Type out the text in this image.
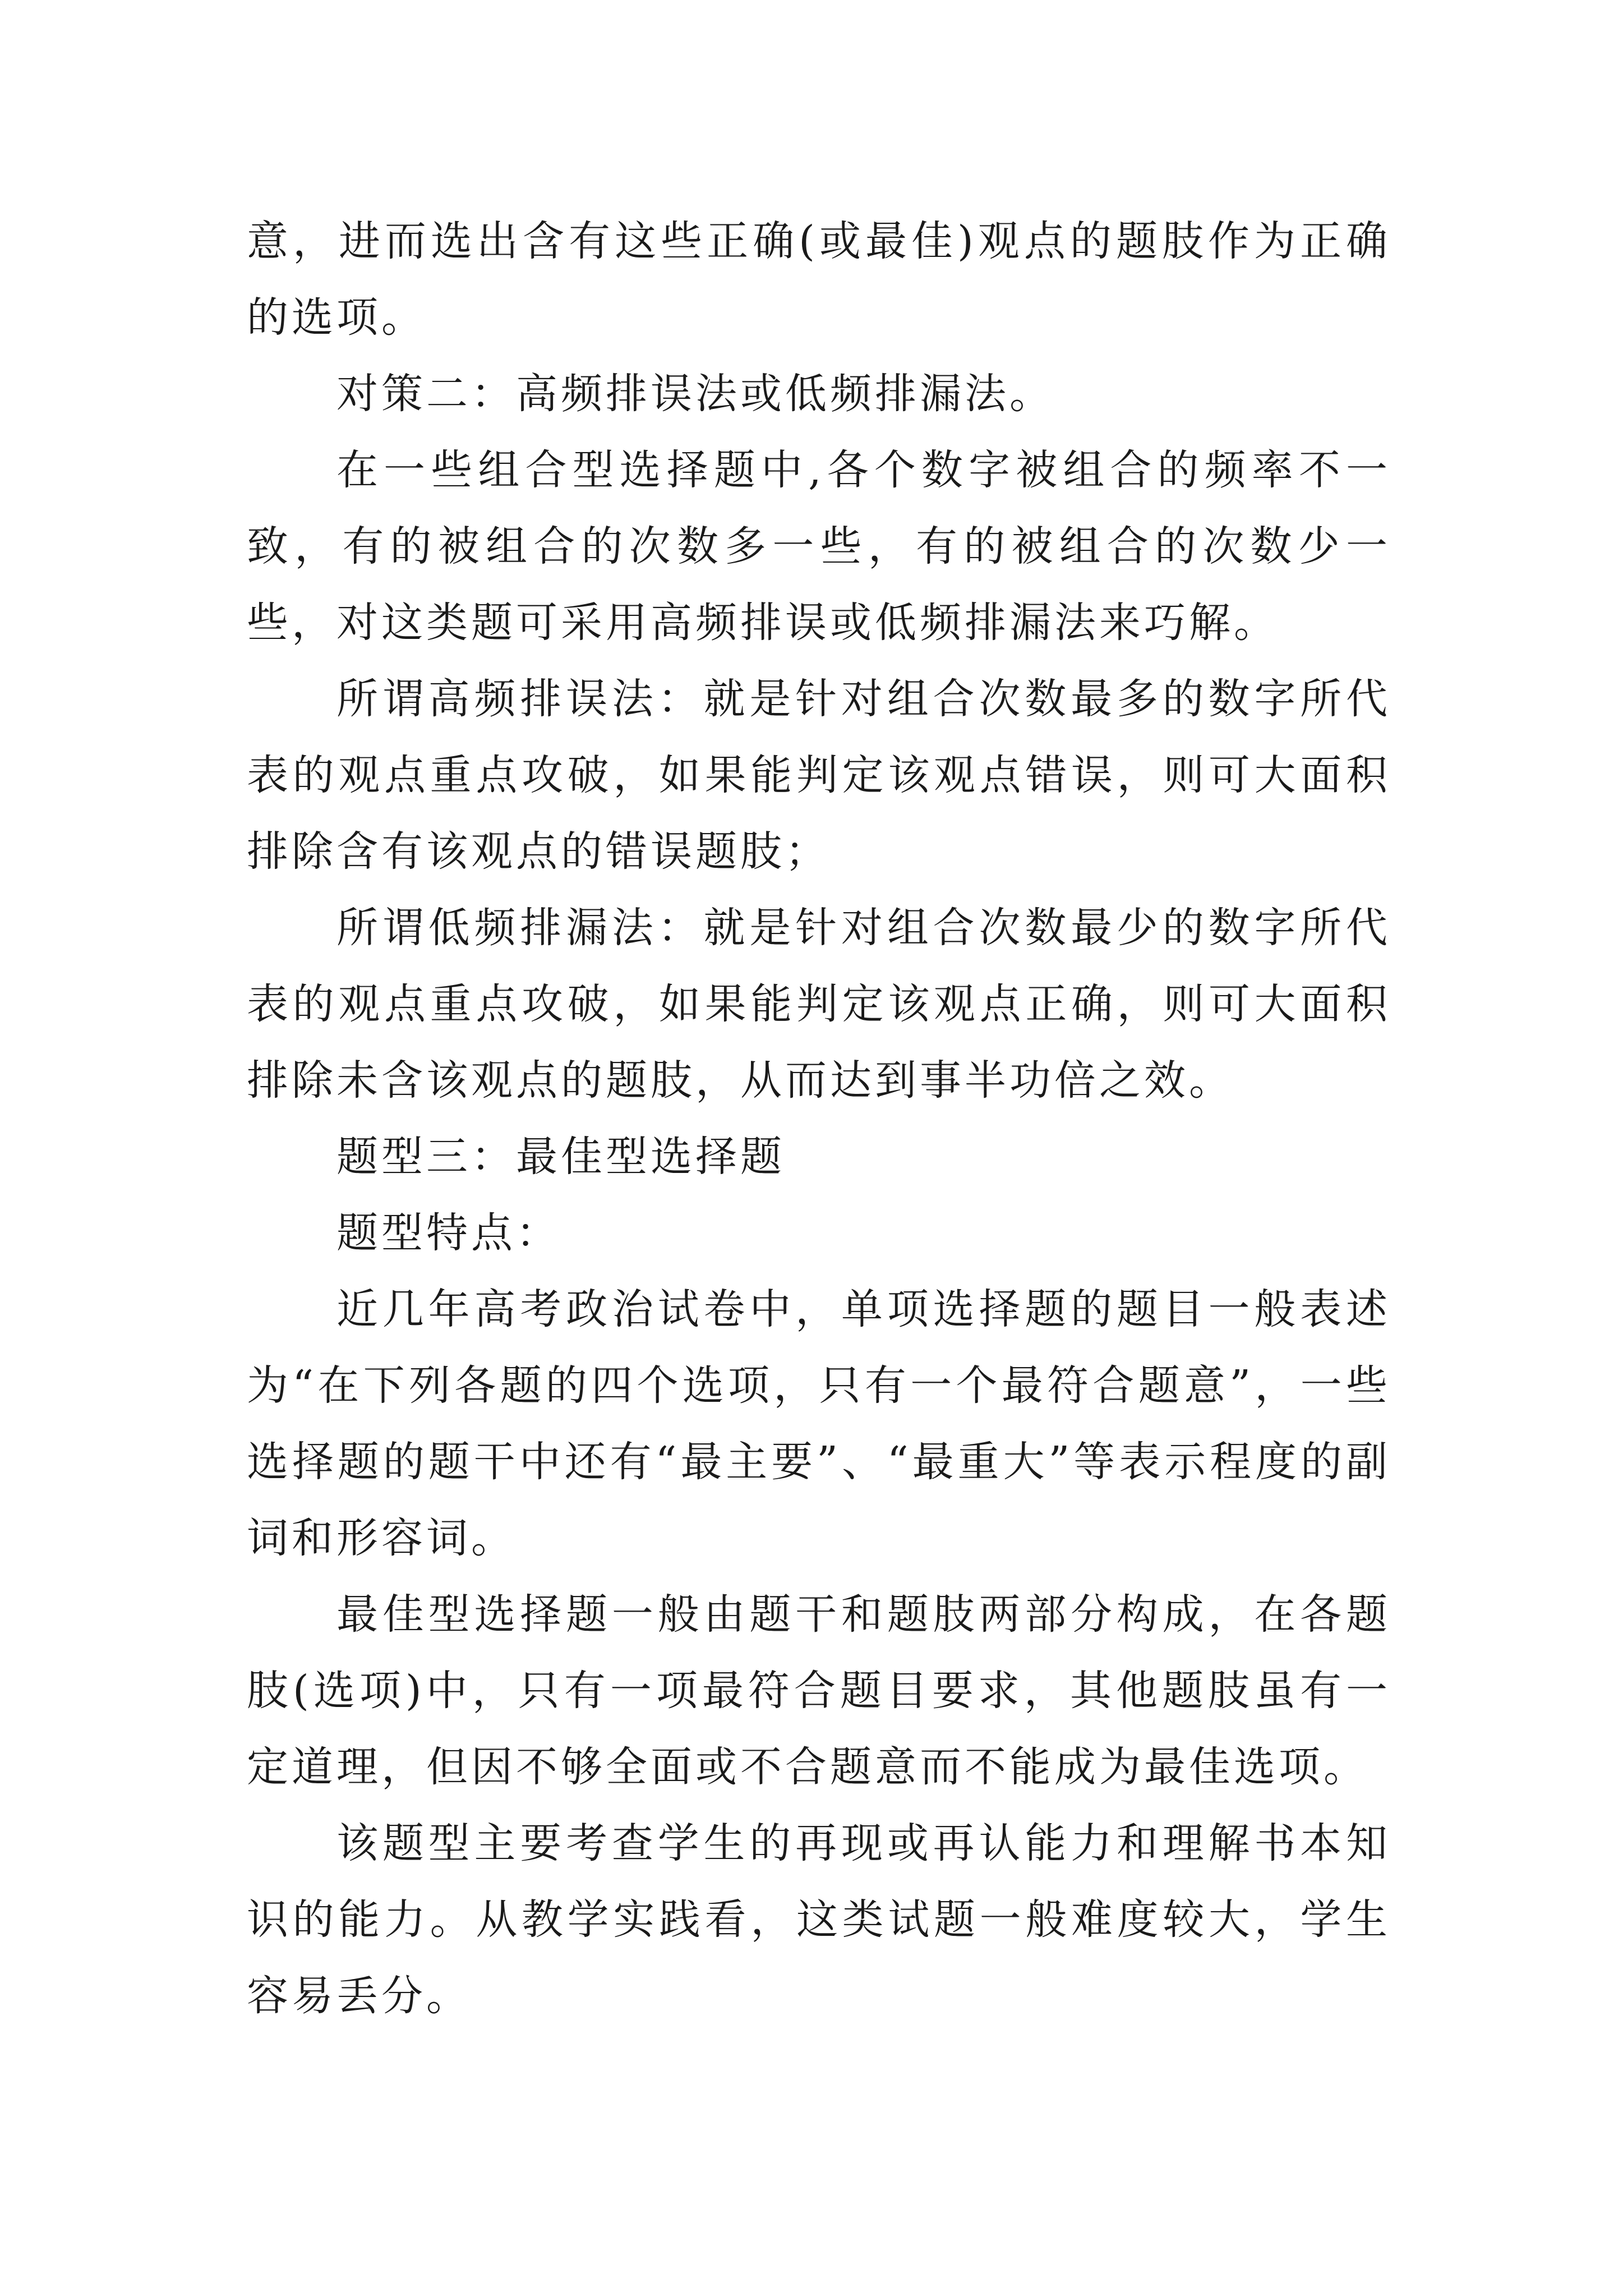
意，进而选出含有这些正确(或最佳)观点的题肢作为正确的选项。

对策二：高频排误法或低频排漏法。

在一些组合型选择题中,各个数字被组合的频率不一致，有的被组合的次数多一些，有的被组合的次数少一些，对这类题可采用高频排误或低频排漏法来巧解。

所谓高频排误法：就是针对组合次数最多的数字所代表的观点重点攻破，如果能判定该观点错误，则可大面积排除含有该观点的错误题肢；

所谓低频排漏法：就是针对组合次数最少的数字所代表的观点重点攻破，如果能判定该观点正确，则可大面积排除未含该观点的题肢，从而达到事半功倍之效。

题型三：最佳型选择题

题型特点：

近几年高考政治试卷中，单项选择题的题目一般表述为“在下列各题的四个选项，只有一个最符合题意”，一些选择题的题干中还有“最主要”、“最重大”等表示程度的副词和形容词。

最佳型选择题一般由题干和题肢两部分构成，在各题肢(选项)中，只有一项最符合题目要求，其他题肢虽有一定道理，但因不够全面或不合题意而不能成为最佳选项。

该题型主要考查学生的再现或再认能力和理解书本知识的能力。从教学实践看，这类试题一般难度较大，学生容易丢分。
